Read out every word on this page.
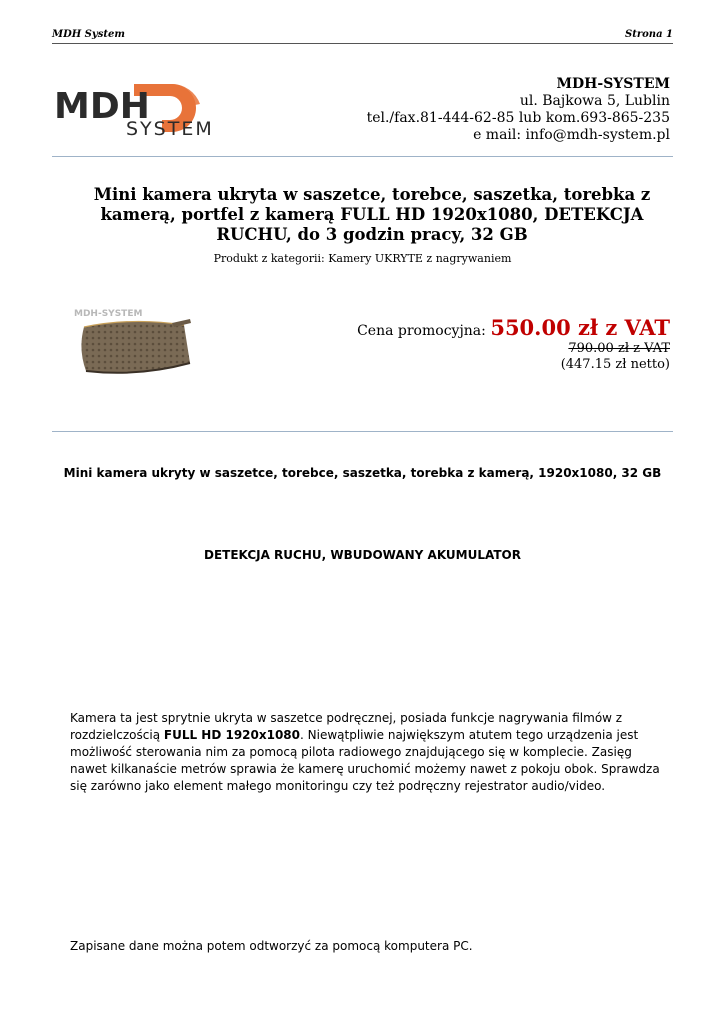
MDH System	Strona 1
MDH
SYSTEM
MDH-SYSTEM
ul. Bajkowa 5, Lublin
tel./fax.81-444-62-85 lub kom.693-865-235
e mail: info@mdh-system.pl
Mini kamera ukryta w saszetce, torebce, saszetka, torebka z kamerą, portfel z kamerą FULL HD 1920x1080, DETEKCJA RUCHU, do 3 godzin pracy, 32 GB
Produkt z kategorii: Kamery UKRYTE z nagrywaniem
MDH-SYSTEM
Cena promocyjna: 550.00 zł z VAT
790.00 zł z VAT
(447.15 zł netto)
Mini kamera ukryty w saszetce, torebce, saszetka, torebka z kamerą, 1920x1080, 32 GB
DETEKCJA RUCHU, WBUDOWANY AKUMULATOR

Kamera ta jest sprytnie ukryta w saszetce podręcznej, posiada funkcje nagrywania filmów z rozdzielczością FULL HD 1920x1080. Niewątpliwie największym atutem tego urządzenia jest możliwość sterowania nim za pomocą pilota radiowego znajdującego się w komplecie. Zasięg nawet kilkanaście metrów sprawia że kamerę uruchomić możemy nawet z pokoju obok. Sprawdza się zarówno jako element małego monitoringu czy też podręczny rejestrator audio/video.

Zapisane dane można potem odtworzyć za pomocą komputera PC.
